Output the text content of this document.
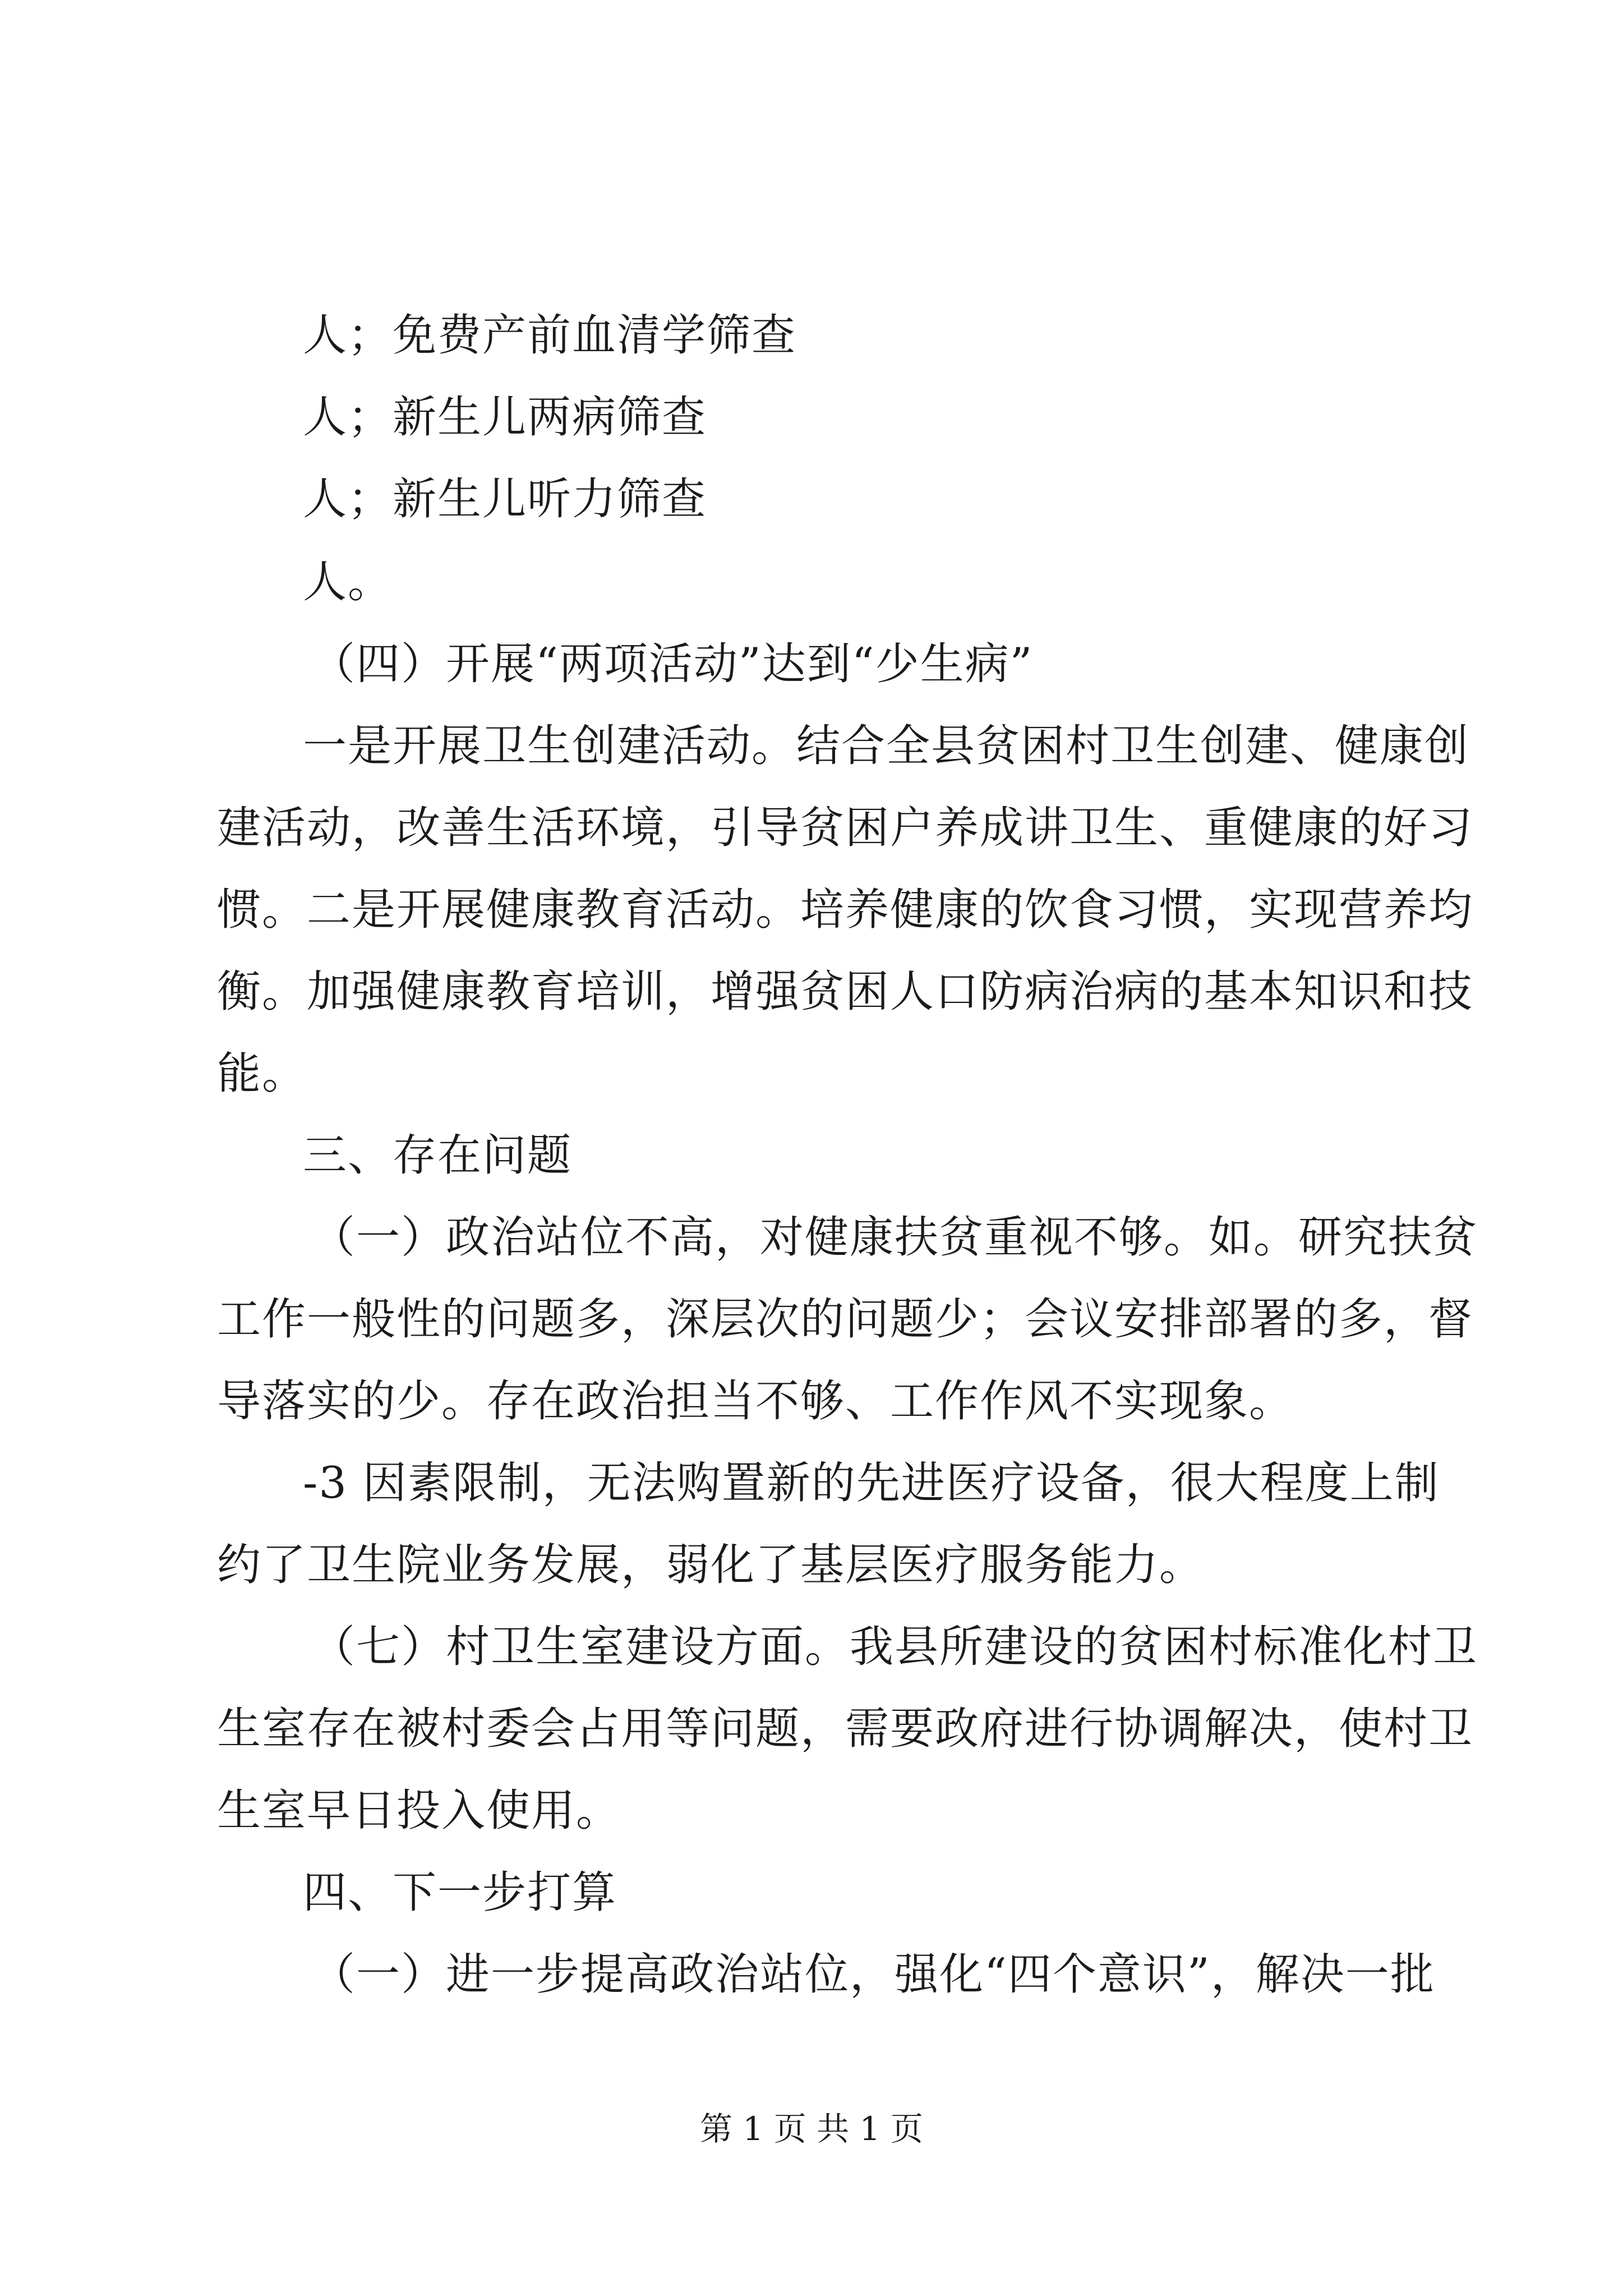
人；免费产前血清学筛查
人；新生儿两病筛查
人；新生儿听力筛查
人。
（四）开展“两项活动”达到“少生病”
一是开展卫生创建活动。结合全县贫困村卫生创建、健康创
建活动，改善生活环境，引导贫困户养成讲卫生、重健康的好习
惯。二是开展健康教育活动。培养健康的饮食习惯，实现营养均
衡。加强健康教育培训，增强贫困人口防病治病的基本知识和技
能。
三、存在问题
（一）政治站位不高，对健康扶贫重视不够。如。研究扶贫
工作一般性的问题多，深层次的问题少；会议安排部署的多，督
导落实的少。存在政治担当不够、工作作风不实现象。
-3 因素限制，无法购置新的先进医疗设备，很大程度上制
约了卫生院业务发展，弱化了基层医疗服务能力。
（七）村卫生室建设方面。我县所建设的贫困村标准化村卫
生室存在被村委会占用等问题，需要政府进行协调解决，使村卫
生室早日投入使用。
四、下一步打算
（一）进一步提高政治站位，强化“四个意识”，解决一批
第 1 页 共 1 页
